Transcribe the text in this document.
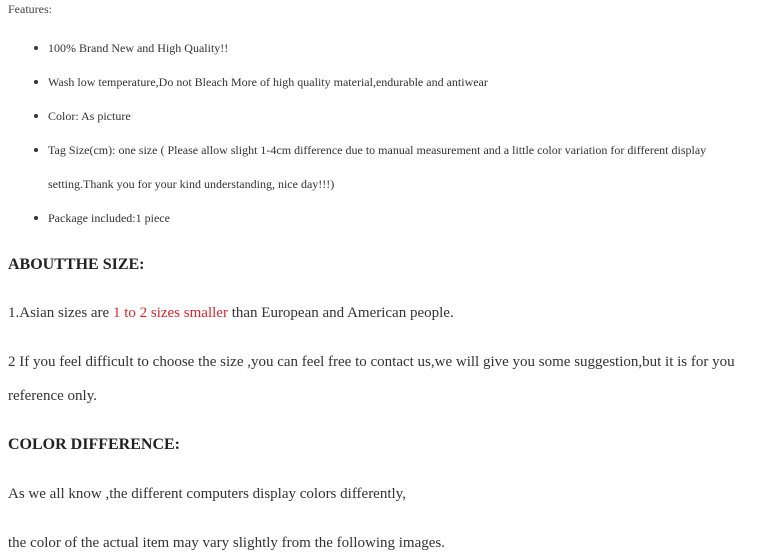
Features:
100% Brand New and High Quality!!
Wash low temperature,Do not Bleach More of high quality material,endurable and antiwear
Color: As picture
Tag Size(cm): one size ( Please allow slight 1-4cm difference due to manual measurement and a little color variation for different display setting.Thank you for your kind understanding, nice day!!!)
Package included:1 piece
ABOUTTHE SIZE:
1.Asian sizes are 1 to 2 sizes smaller than European and American people.
2 If you feel difficult to choose the size ,you can feel free to contact us,we will give you some suggestion,but it is for you reference only.
COLOR DIFFERENCE:
As we all know ,the different computers display colors differently,
the color of the actual item may vary slightly from the following images.
